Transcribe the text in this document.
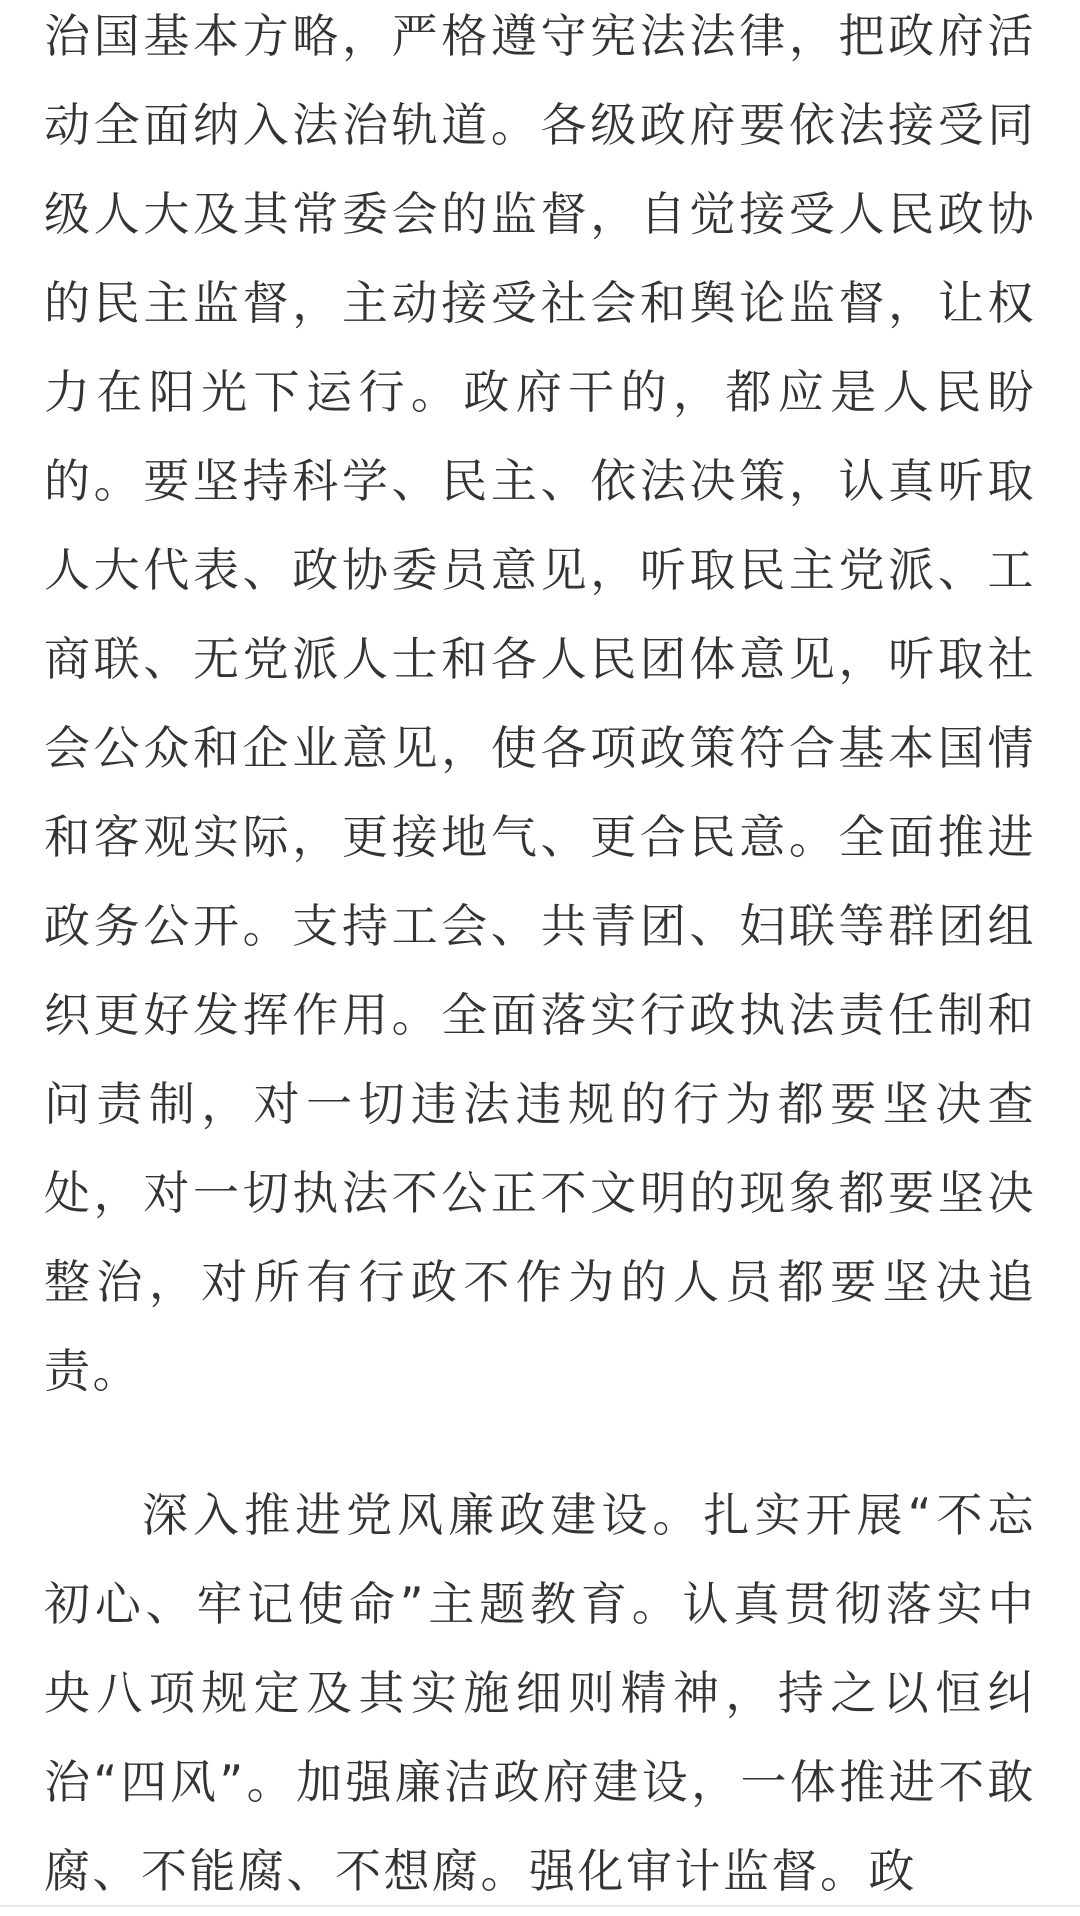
治国基本方略，严格遵守宪法法律，把政府活动全面纳入法治轨道。各级政府要依法接受同级人大及其常委会的监督，自觉接受人民政协的民主监督，主动接受社会和舆论监督，让权力在阳光下运行。政府干的，都应是人民盼的。要坚持科学、民主、依法决策，认真听取人大代表、政协委员意见，听取民主党派、工商联、无党派人士和各人民团体意见，听取社会公众和企业意见，使各项政策符合基本国情和客观实际，更接地气、更合民意。全面推进政务公开。支持工会、共青团、妇联等群团组织更好发挥作用。全面落实行政执法责任制和问责制，对一切违法违规的行为都要坚决查处，对一切执法不公正不文明的现象都要坚决整治，对所有行政不作为的人员都要坚决追责。

深入推进党风廉政建设。扎实开展“不忘初心、牢记使命”主题教育。认真贯彻落实中央八项规定及其实施细则精神，持之以恒纠治“四风”。加强廉洁政府建设，一体推进不敢腐、不能腐、不想腐。强化审计监督。政
